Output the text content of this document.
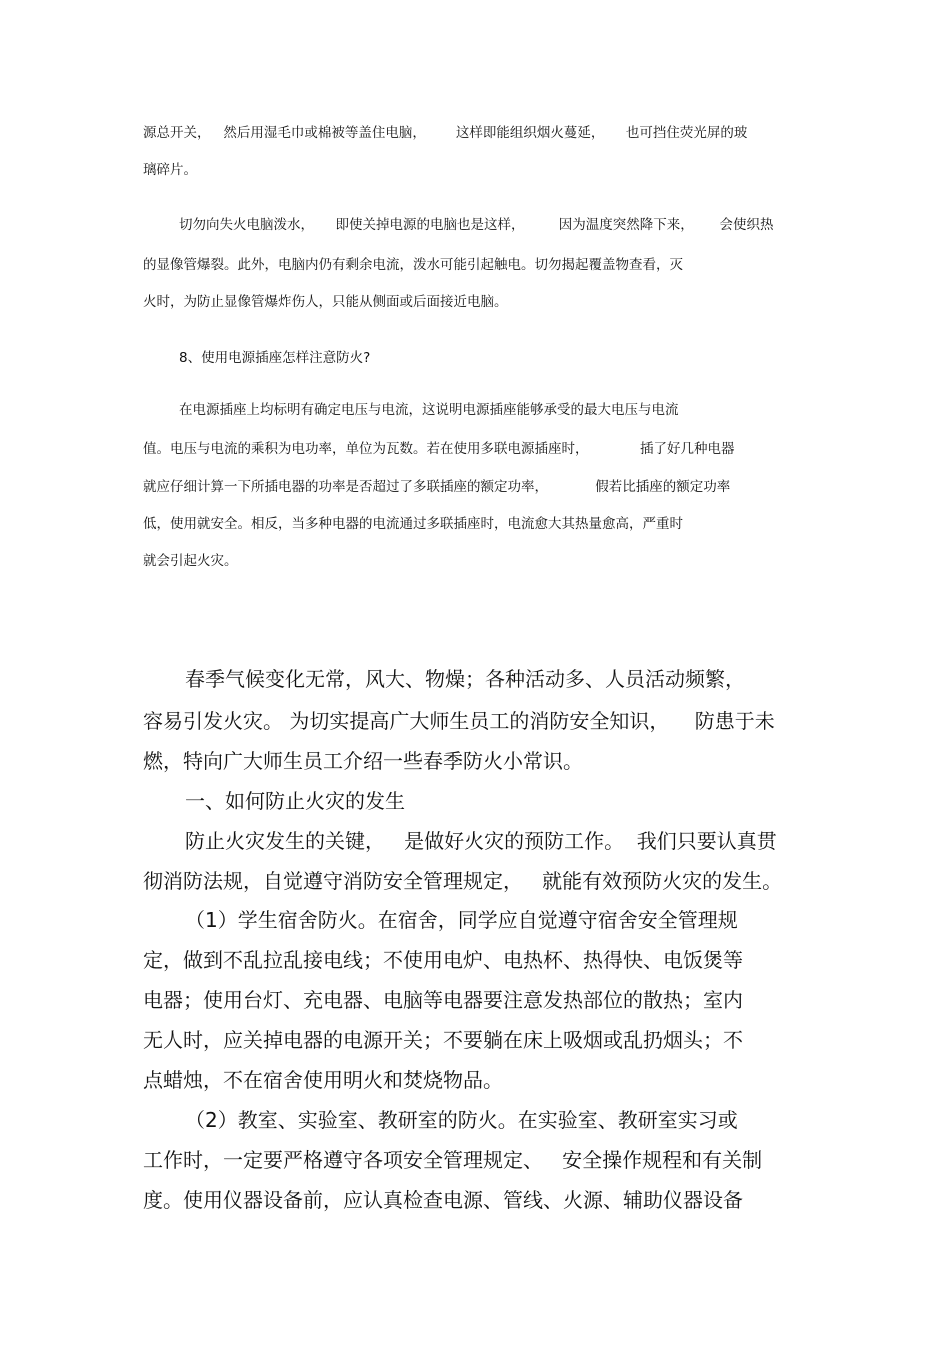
源总开关，   然后用湿毛巾或棉被等盖住电脑，       这样即能组织烟火蔓延，     也可挡住荧光屏的玻

璃碎片。

切勿向失火电脑泼水，     即使关掉电源的电脑也是这样，        因为温度突然降下来，      会使织热

的显像管爆裂。此外，电脑内仍有剩余电流，泼水可能引起触电。切勿揭起覆盖物查看，灭

火时，为防止显像管爆炸伤人，只能从侧面或后面接近电脑。

8、使用电源插座怎样注意防火?

在电源插座上均标明有确定电压与电流，这说明电源插座能够承受的最大电压与电流

值。电压与电流的乘积为电功率，单位为瓦数。若在使用多联电源插座时，            插了好几种电器

就应仔细计算一下所插电器的功率是否超过了多联插座的额定功率，           假若比插座的额定功率

低，使用就安全。相反，当多种电器的电流通过多联插座时，电流愈大其热量愈高，严重时

就会引起火灾。

春季气候变化无常，风大、物燥；各种活动多、人员活动频繁，

容易引发火灾。 为切实提高广大师生员工的消防安全知识，    防患于未

燃，特向广大师生员工介绍一些春季防火小常识。

一、如何防止火灾的发生

防止火灾发生的关键，   是做好火灾的预防工作。  我们只要认真贯

彻消防法规，自觉遵守消防安全管理规定，   就能有效预防火灾的发生。

（1）学生宿舍防火。在宿舍，同学应自觉遵守宿舍安全管理规

定，做到不乱拉乱接电线；不使用电炉、电热杯、热得快、电饭煲等

电器；使用台灯、充电器、电脑等电器要注意发热部位的散热；室内

无人时，应关掉电器的电源开关；不要躺在床上吸烟或乱扔烟头；不

点蜡烛，不在宿舍使用明火和焚烧物品。

（2）教室、实验室、教研室的防火。在实验室、教研室实习或

工作时，一定要严格遵守各项安全管理规定、   安全操作规程和有关制

度。使用仪器设备前，应认真检查电源、管线、火源、辅助仪器设备
